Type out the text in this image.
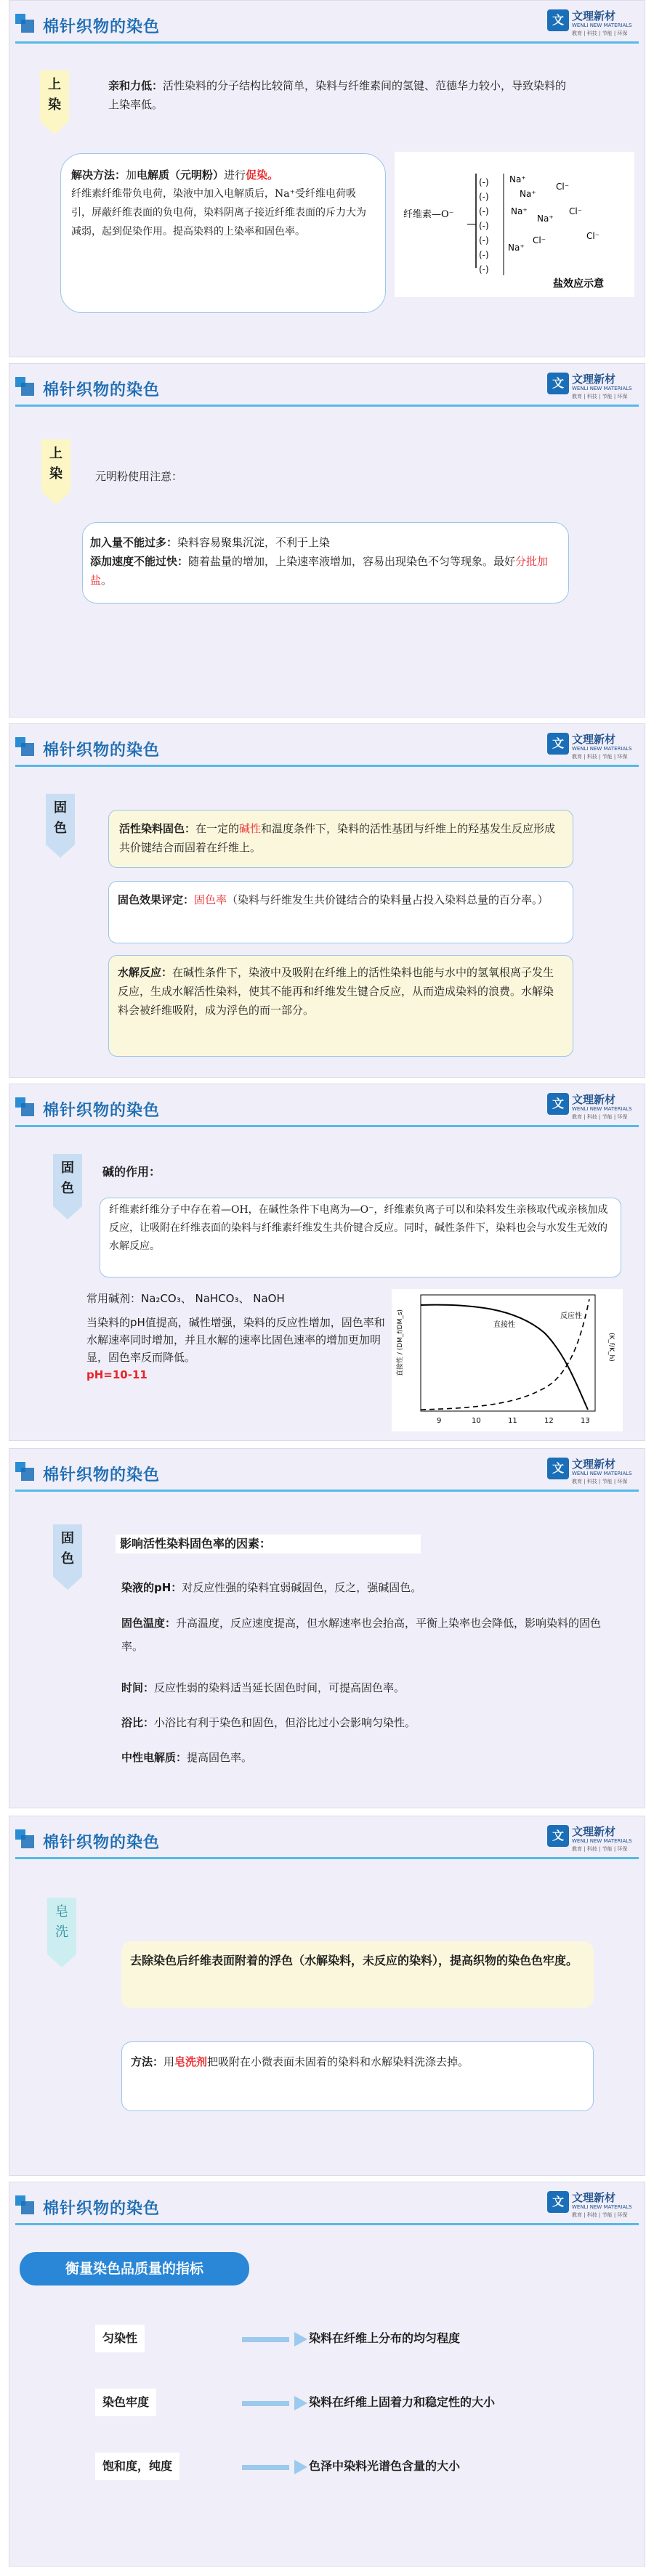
棉针织物的染色	文 文理新材
WENLI NEW MATERIALS
教育 | 科技 | 节能 | 环保
上
染
亲和力低：活性染料的分子结构比较简单，染料与纤维素间的氢键、范德华力较小，导致染料的上染率低。
解决方法：加电解质（元明粉）进行促染。
纤维素纤维带负电荷，染液中加入电解质后，Na⁺受纤维电荷吸引，屏蔽纤维表面的负电荷，染料阴离子接近纤维表面的斥力大为减弱，起到促染作用。提高染料的上染率和固色率。
纤维素—O⁻
(-)
(-)
(-)
(-)
(-)
(-)
(-)
Na⁺
Na⁺
Na⁺
Na⁺
Na⁺
Cl⁻
Cl⁻
Cl⁻	Cl⁻
盐效应示意
棉针织物的染色	文 文理新材
WENLI NEW MATERIALS
教育 | 科技 | 节能 | 环保
上
染	元明粉使用注意：
加入量不能过多：染料容易聚集沉淀，不利于上染
添加速度不能过快：随着盐量的增加，上染速率液增加，容易出现染色不匀等现象。最好分批加盐。
棉针织物的染色	文 文理新材
WENLI NEW MATERIALS
教育 | 科技 | 节能 | 环保
固
色	活性染料固色：在一定的碱性和温度条件下，染料的活性基团与纤维上的羟基发生反应形成共价键结合而固着在纤维上。
固色效果评定：固色率（染料与纤维发生共价键结合的染料量占投入染料总量的百分率。）
水解反应：在碱性条件下，染液中及吸附在纤维上的活性染料也能与水中的氢氧根离子发生反应，生成水解活性染料，使其不能再和纤维发生键合反应，从而造成染料的浪费。水解染料会被纤维吸附，成为浮色的而一部分。
棉针织物的染色	文 文理新材
WENLI NEW MATERIALS
教育 | 科技 | 节能 | 环保
固
色
碱的作用：
纤维素纤维分子中存在着—OH，在碱性条件下电离为—O⁻，纤维素负离子可以和染料发生亲核取代或亲核加成反应，让吸附在纤维表面的染料与纤维素纤维发生共价键合反应。同时，碱性条件下，染料也会与水发生无效的水解反应。
常用碱剂：Na₂CO₃、 NaHCO₃、 NaOH
当染料的pH值提高，碱性增强，染料的反应性增加，固色率和水解速率同时增加，并且水解的速率比固色速率的增加更加明显，固色率反而降低。
pH=10-11
直接性
反应性
直接性 / (DM_f/DM_s)	(K_f/K_h)
9	10	11	12	13
棉针织物的染色	文 文理新材
WENLI NEW MATERIALS
教育 | 科技 | 节能 | 环保
固
色
影响活性染料固色率的因素：
染液的pH：对反应性强的染料宜弱碱固色，反之，强碱固色。
固色温度：升高温度，反应速度提高，但水解速率也会抬高，平衡上染率也会降低，影响染料的固色率。
时间：反应性弱的染料适当延长固色时间，可提高固色率。
浴比：小浴比有利于染色和固色，但浴比过小会影响匀染性。
中性电解质：提高固色率。
棉针织物的染色	文 文理新材
WENLI NEW MATERIALS
教育 | 科技 | 节能 | 环保
皂
洗
去除染色后纤维表面附着的浮色（水解染料，未反应的染料），提高织物的染色色牢度。
方法：用皂洗剂把吸附在小微表面未固着的染料和水解染料洗涤去掉。
棉针织物的染色	文 文理新材
WENLI NEW MATERIALS
教育 | 科技 | 节能 | 环保
衡量染色品质量的指标
匀染性	染料在纤维上分布的均匀程度
染色牢度	染料在纤维上固着力和稳定性的大小
饱和度，纯度	色泽中染料光谱色含量的大小
